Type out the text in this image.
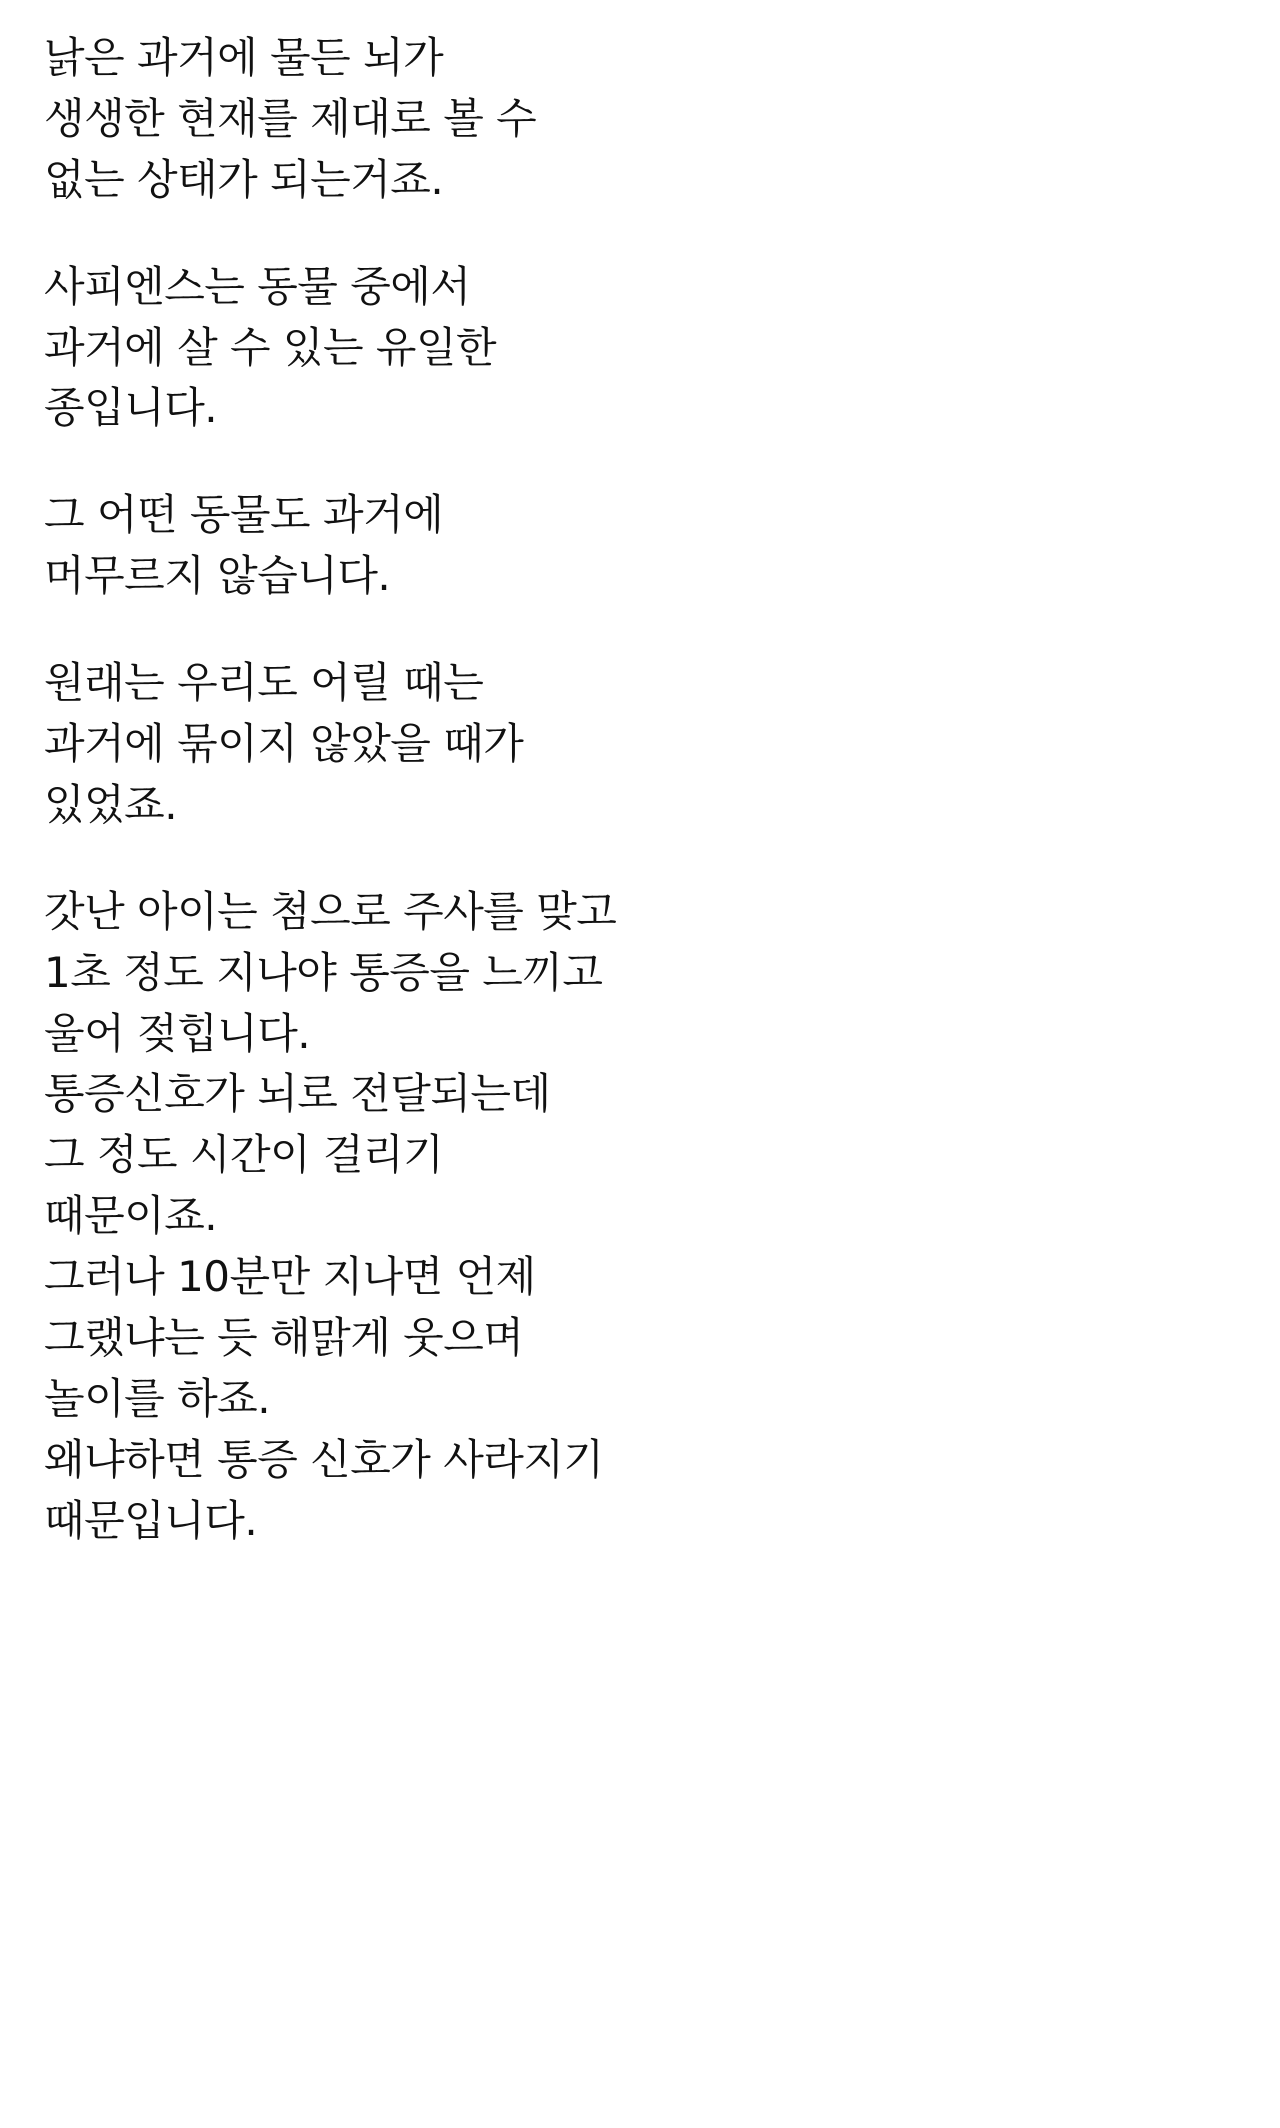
낡은 과거에 물든 뇌가
생생한 현재를 제대로 볼 수
없는 상태가 되는거죠.
사피엔스는 동물 중에서
과거에 살 수 있는 유일한
종입니다.
그 어떤 동물도 과거에
머무르지 않습니다.
원래는 우리도 어릴 때는
과거에 묶이지 않았을 때가
있었죠.
갓난 아이는 첨으로 주사를 맞고
1초 정도 지나야 통증을 느끼고
울어 젖힙니다.
통증신호가 뇌로 전달되는데
그 정도 시간이 걸리기
때문이죠.
그러나 10분만 지나면 언제
그랬냐는 듯 해맑게 웃으며
놀이를 하죠.
왜냐하면 통증 신호가 사라지기
때문입니다.
